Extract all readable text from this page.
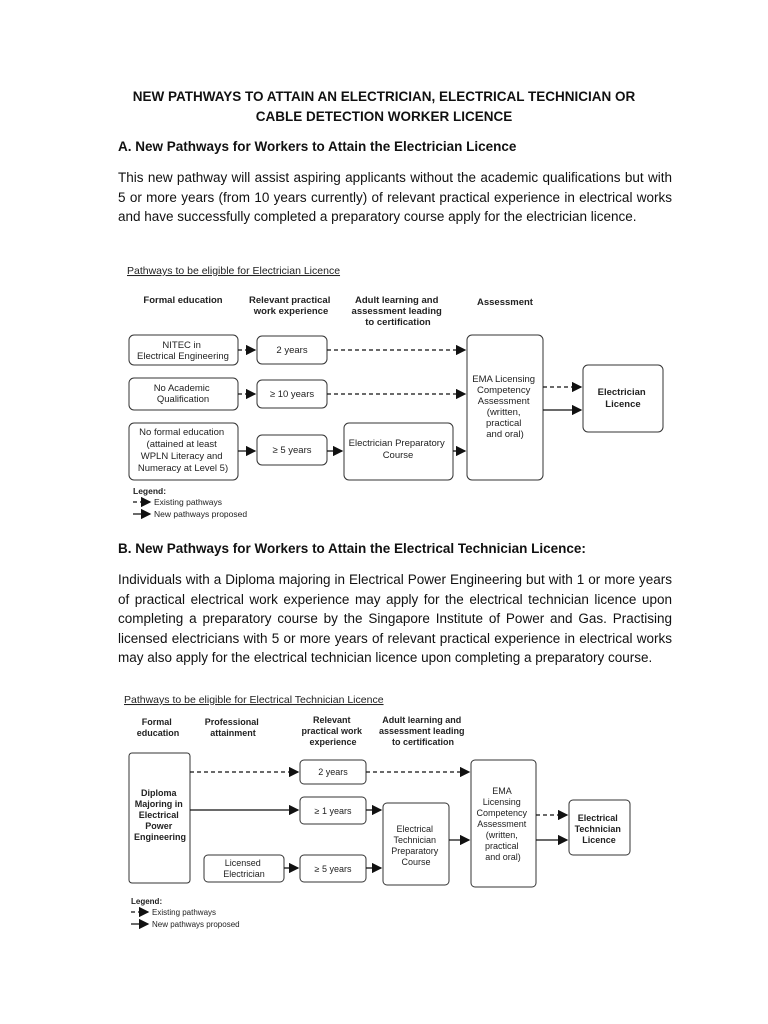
NEW PATHWAYS TO ATTAIN AN ELECTRICIAN, ELECTRICAL TECHNICIAN OR
CABLE DETECTION WORKER LICENCE
A. New Pathways for Workers to Attain the Electrician Licence

This new pathway will assist aspiring applicants without the academic qualifications but with 5 or more years (from 10 years currently) of relevant practical experience in electrical works and have successfully completed a preparatory course apply for the electrician licence.

Pathways to be eligible for Electrician Licence
Formal education	Relevant practical work experience
Adult learning and assessment leading to certification
Assessment
NITEC in Electrical Engineering
No Academic Qualification
No formal education (attained at least WPLN Literacy and Numeracy at Level 5)
2 years
≥ 10 years
≥ 5 years
Electrician Preparatory Course
EMA Licensing Competency Assessment (written, practical and oral)
Electrician Licence
Legend:
Existing pathways
New pathways proposed
B. New Pathways for Workers to Attain the Electrical Technician Licence:

Individuals with a Diploma majoring in Electrical Power Engineering but with 1 or more years of practical electrical work experience may apply for the electrical technician licence upon completing a preparatory course by the Singapore Institute of Power and Gas. Practising licensed electricians with 5 or more years of relevant practical experience in electrical works may also apply for the electrical technician licence upon completing a preparatory course.

Pathways to be eligible for Electrical Technician Licence
Formal education
Professional attainment
Relevant practical work experience
Adult learning and assessment leading to certification
Diploma Majoring in Electrical Power Engineering
Licensed Electrician
2 years
≥ 1 years
≥ 5 years
Electrical Technician Preparatory Course
EMA Licensing Competency Assessment (written, practical and oral)
Electrical Technician Licence
Legend:
Existing pathways
New pathways proposed
